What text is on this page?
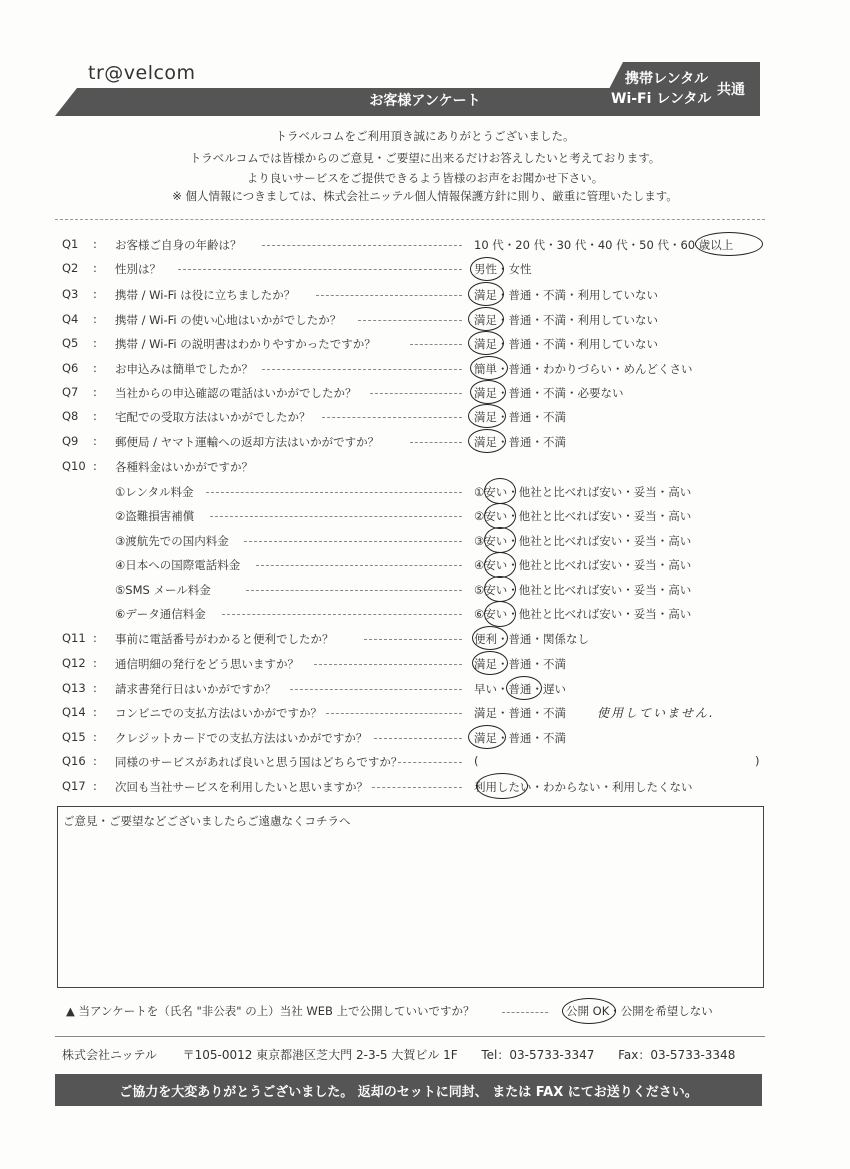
tr@velcom
お客様アンケート
携帯レンタル
Wi-Fi レンタル
共通
トラベルコムをご利用頂き誠にありがとうございました。
トラベルコムでは皆様からのご意見・ご要望に出来るだけお答えしたいと考えております。
より良いサービスをご提供できるよう皆様のお声をお聞かせ下さい。
※ 個人情報につきましては、株式会社ニッテル個人情報保護方針に則り、厳重に管理いたします。
Q1 : お客様ご自身の年齢は？	10 代・20 代・30 代・40 代・50 代・60 歳以上
Q2 : 性別は？	男性・女性
Q3 : 携帯 / Wi-Fi は役に立ちましたか？	満足・普通・不満・利用していない
Q4 : 携帯 / Wi-Fi の使い心地はいかがでしたか？	満足・普通・不満・利用していない
Q5 : 携帯 / Wi-Fi の説明書はわかりやすかったですか？	満足・普通・不満・利用していない
Q6 : お申込みは簡単でしたか？	簡単・普通・わかりづらい・めんどくさい
Q7 : 当社からの申込確認の電話はいかがでしたか？	満足・普通・不満・必要ない
Q8 : 宅配での受取方法はいかがでしたか？	満足・普通・不満
Q9 : 郵便局 / ヤマト運輸への返却方法はいかがですか？	満足・普通・不満
Q10 : 各種料金はいかがですか？
①レンタル料金	①安い・他社と比べれば安い・妥当・高い
②盗難損害補償	②安い・他社と比べれば安い・妥当・高い
③渡航先での国内料金	③安い・他社と比べれば安い・妥当・高い
④日本への国際電話料金	④安い・他社と比べれば安い・妥当・高い
⑤SMS メール料金	⑤安い・他社と比べれば安い・妥当・高い
⑥データ通信料金	⑥安い・他社と比べれば安い・妥当・高い
Q11 : 事前に電話番号がわかると便利でしたか？	便利・普通・関係なし
Q12 : 通信明細の発行をどう思いますか？	満足・普通・不満
Q13 : 請求書発行日はいかがですか？	早い・普通・遅い
Q14 : コンビニでの支払方法はいかがですか？	満足・普通・不満	使用していません.
Q15 : クレジットカードでの支払方法はいかがですか？	満足・普通・不満
Q16 : 同様のサービスがあれば良いと思う国はどちらですか？	(	)
Q17 : 次回も当社サービスを利用したいと思いますか？	利用したい・わからない・利用したくない
ご意見・ご要望などございましたらご遠慮なくコチラへ
▲ 当アンケートを（氏名 "非公表" の上）当社 WEB 上で公開していいですか？	公開 OK・公開を希望しない
株式会社ニッテル 〒105-0012 東京都港区芝大門 2-3-5 大賀ビル 1F Tel：03-5733-3347 Fax：03-5733-3348
ご協力を大変ありがとうございました。 返却のセットに同封、 または FAX にてお送りください。
